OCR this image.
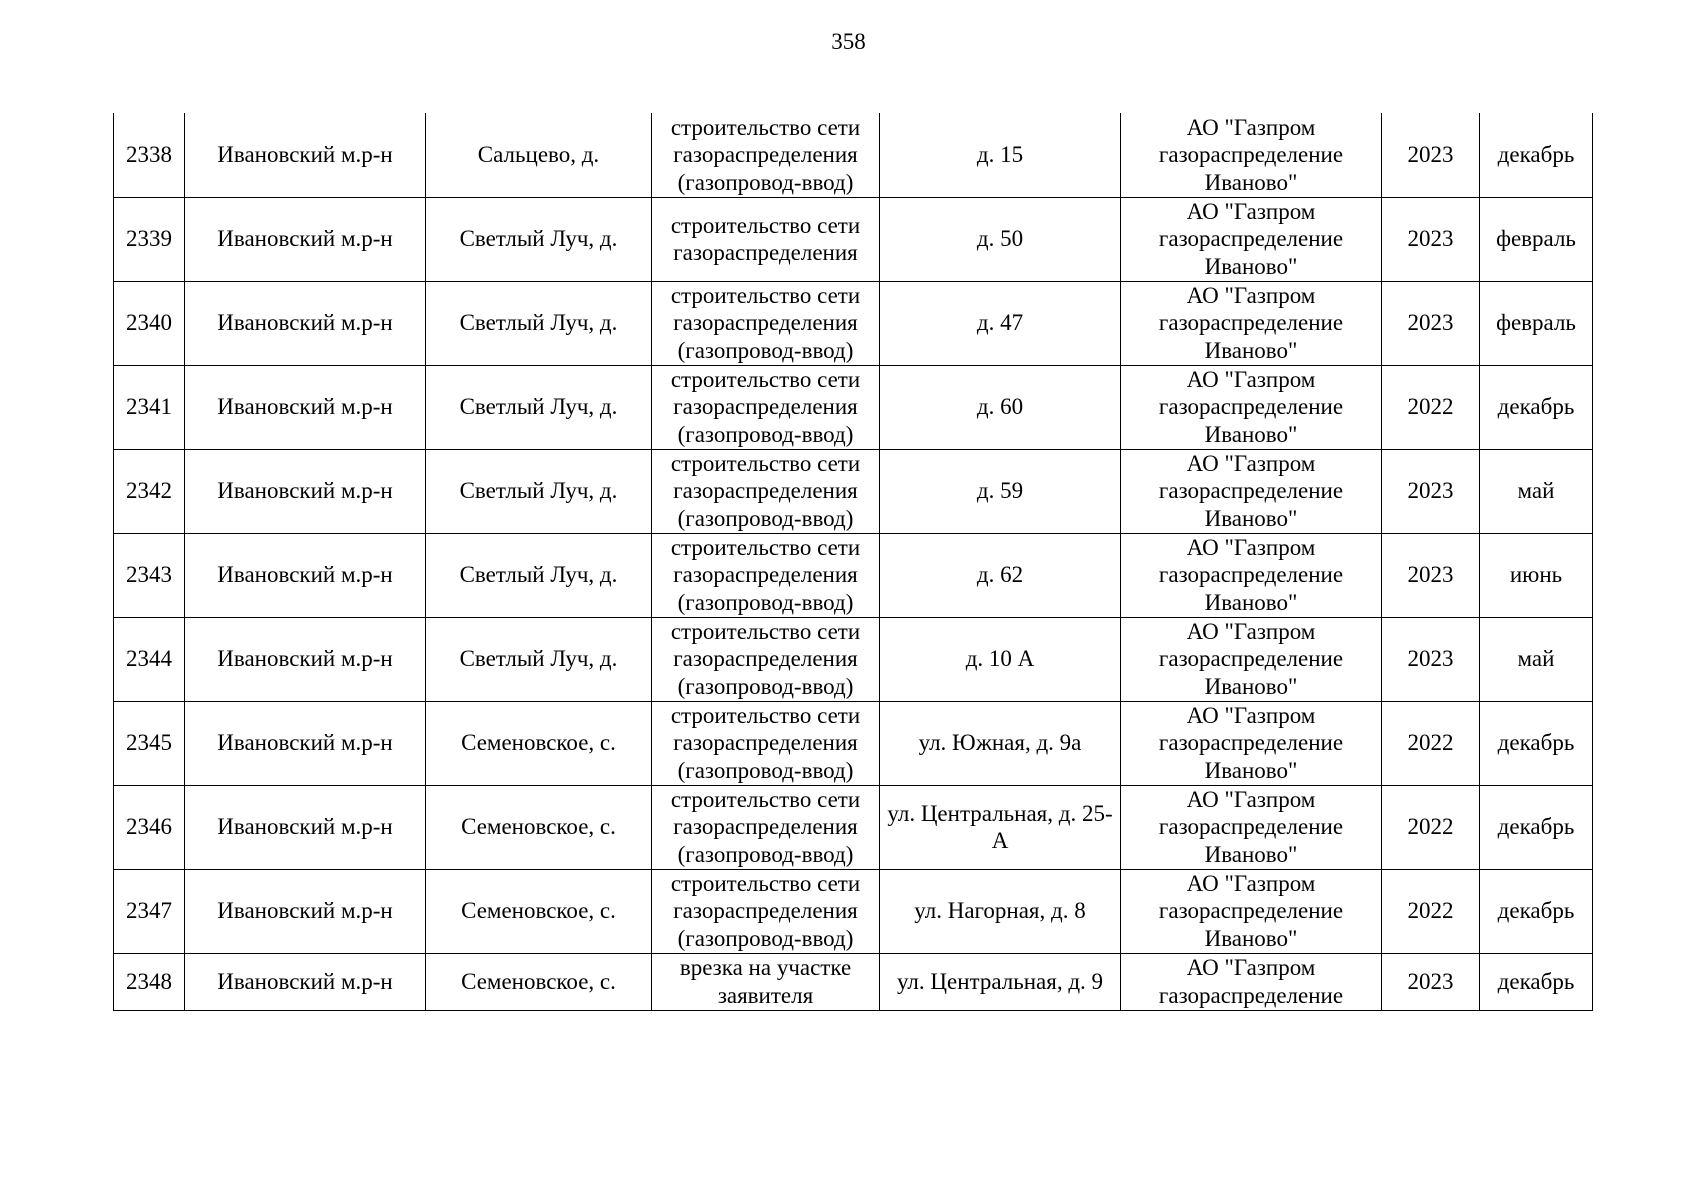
358
2338	Ивановский м.р-н	Сальцево, д.	строительство сети газораспределения (газопровод-ввод)	д. 15	АО "Газпром газораспределение Иваново"	2023	декабрь
2339	Ивановский м.р-н	Светлый Луч, д.	строительство сети газораспределения	д. 50	АО "Газпром газораспределение Иваново"	2023	февраль
2340	Ивановский м.р-н	Светлый Луч, д.	строительство сети газораспределения (газопровод-ввод)	д. 47	АО "Газпром газораспределение Иваново"	2023	февраль
2341	Ивановский м.р-н	Светлый Луч, д.	строительство сети газораспределения (газопровод-ввод)	д. 60	АО "Газпром газораспределение Иваново"	2022	декабрь
2342	Ивановский м.р-н	Светлый Луч, д.	строительство сети газораспределения (газопровод-ввод)	д. 59	АО "Газпром газораспределение Иваново"	2023	май
2343	Ивановский м.р-н	Светлый Луч, д.	строительство сети газораспределения (газопровод-ввод)	д. 62	АО "Газпром газораспределение Иваново"	2023	июнь
2344	Ивановский м.р-н	Светлый Луч, д.	строительство сети газораспределения (газопровод-ввод)	д. 10 А	АО "Газпром газораспределение Иваново"	2023	май
2345	Ивановский м.р-н	Семеновское, с.	строительство сети газораспределения (газопровод-ввод)	ул. Южная, д. 9а	АО "Газпром газораспределение Иваново"	2022	декабрь
2346	Ивановский м.р-н	Семеновское, с.	строительство сети газораспределения (газопровод-ввод)	ул. Центральная, д. 25-А	АО "Газпром газораспределение Иваново"	2022	декабрь
2347	Ивановский м.р-н	Семеновское, с.	строительство сети газораспределения (газопровод-ввод)	ул. Нагорная, д. 8	АО "Газпром газораспределение Иваново"	2022	декабрь
2348	Ивановский м.р-н	Семеновское, с.	врезка на участке заявителя	ул. Центральная, д. 9	АО "Газпром газораспределение	2023	декабрь
